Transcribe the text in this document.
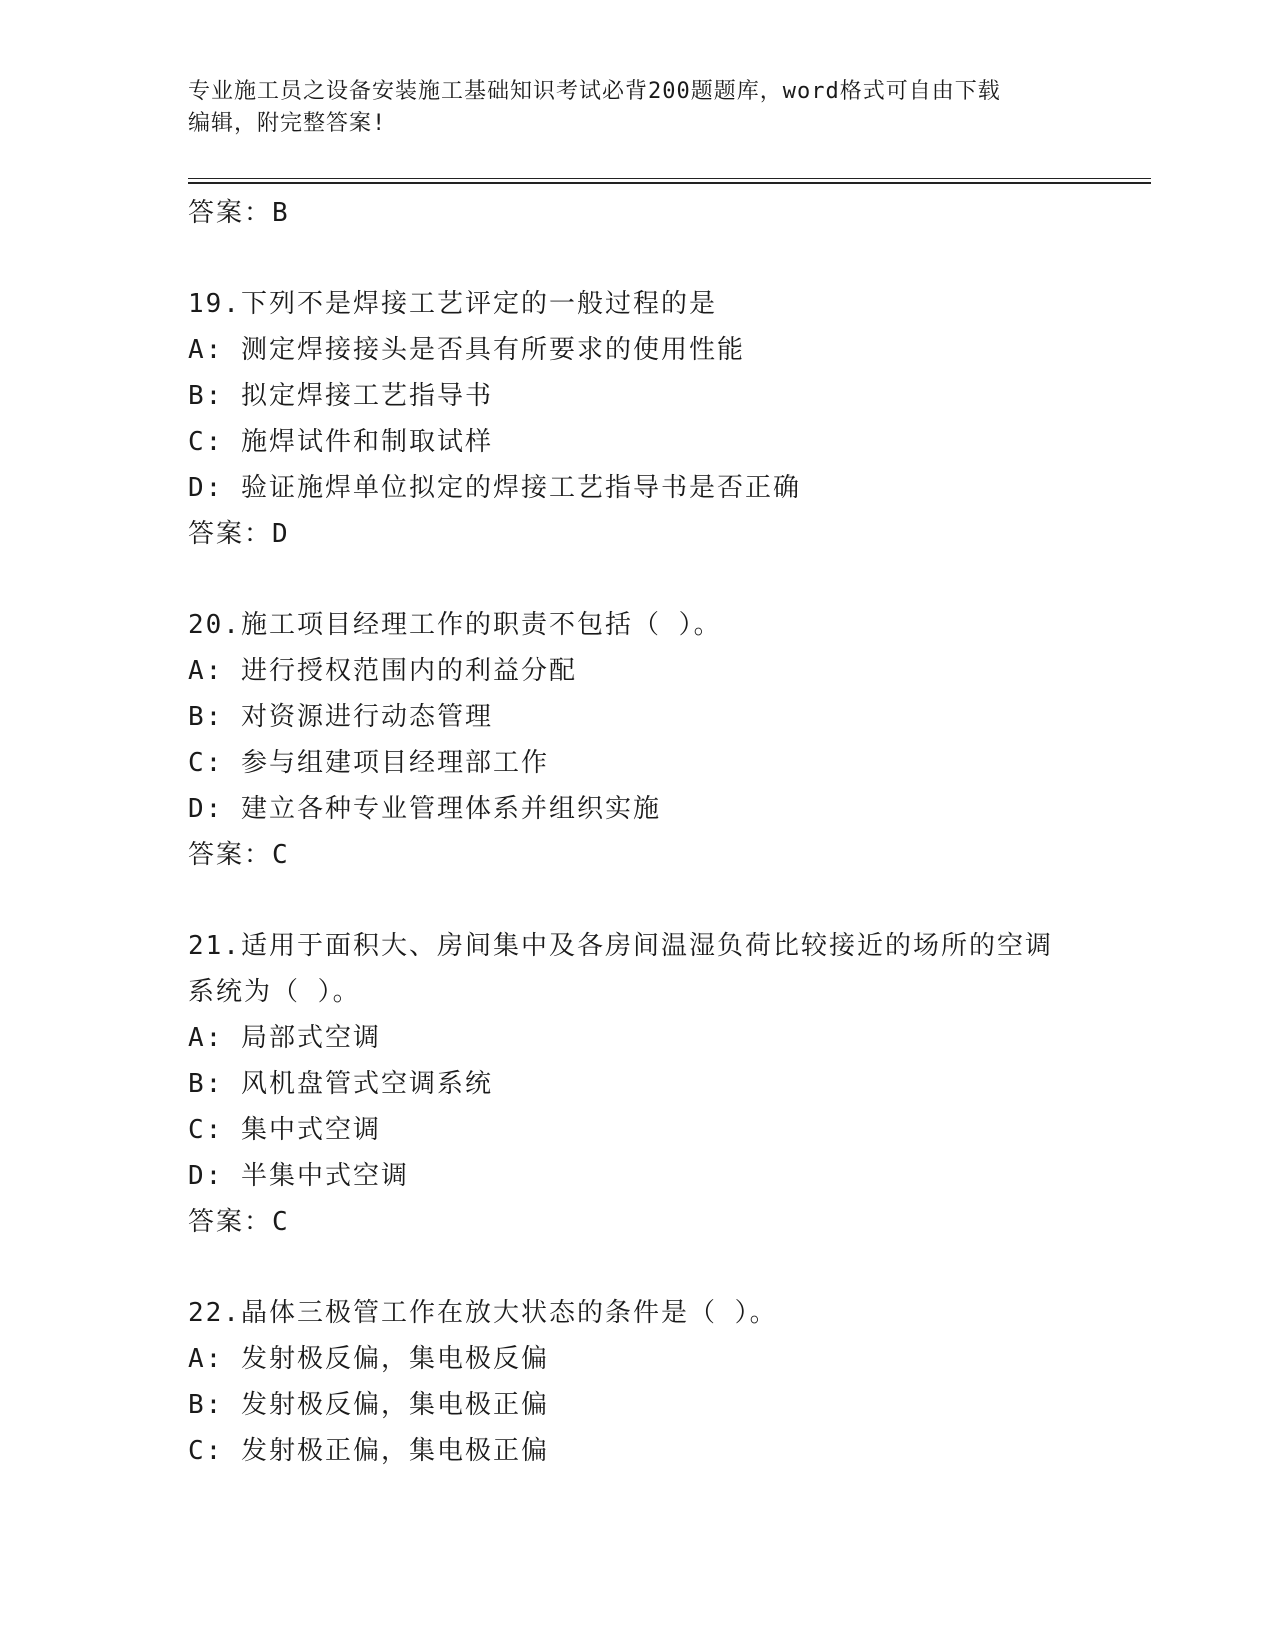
专业施工员之设备安装施工基础知识考试必背200题题库，word格式可自由下载
编辑，附完整答案!
答案：B
19.下列不是焊接工艺评定的一般过程的是
A: 测定焊接接头是否具有所要求的使用性能
B: 拟定焊接工艺指导书
C: 施焊试件和制取试样
D: 验证施焊单位拟定的焊接工艺指导书是否正确
答案：D
20.施工项目经理工作的职责不包括（ ）。
A: 进行授权范围内的利益分配
B: 对资源进行动态管理
C: 参与组建项目经理部工作
D: 建立各种专业管理体系并组织实施
答案：C
21.适用于面积大、房间集中及各房间温湿负荷比较接近的场所的空调
系统为（ ）。
A: 局部式空调
B: 风机盘管式空调系统
C: 集中式空调
D: 半集中式空调
答案：C
22.晶体三极管工作在放大状态的条件是（ ）。
A: 发射极反偏，集电极反偏
B: 发射极反偏，集电极正偏
C: 发射极正偏，集电极正偏
